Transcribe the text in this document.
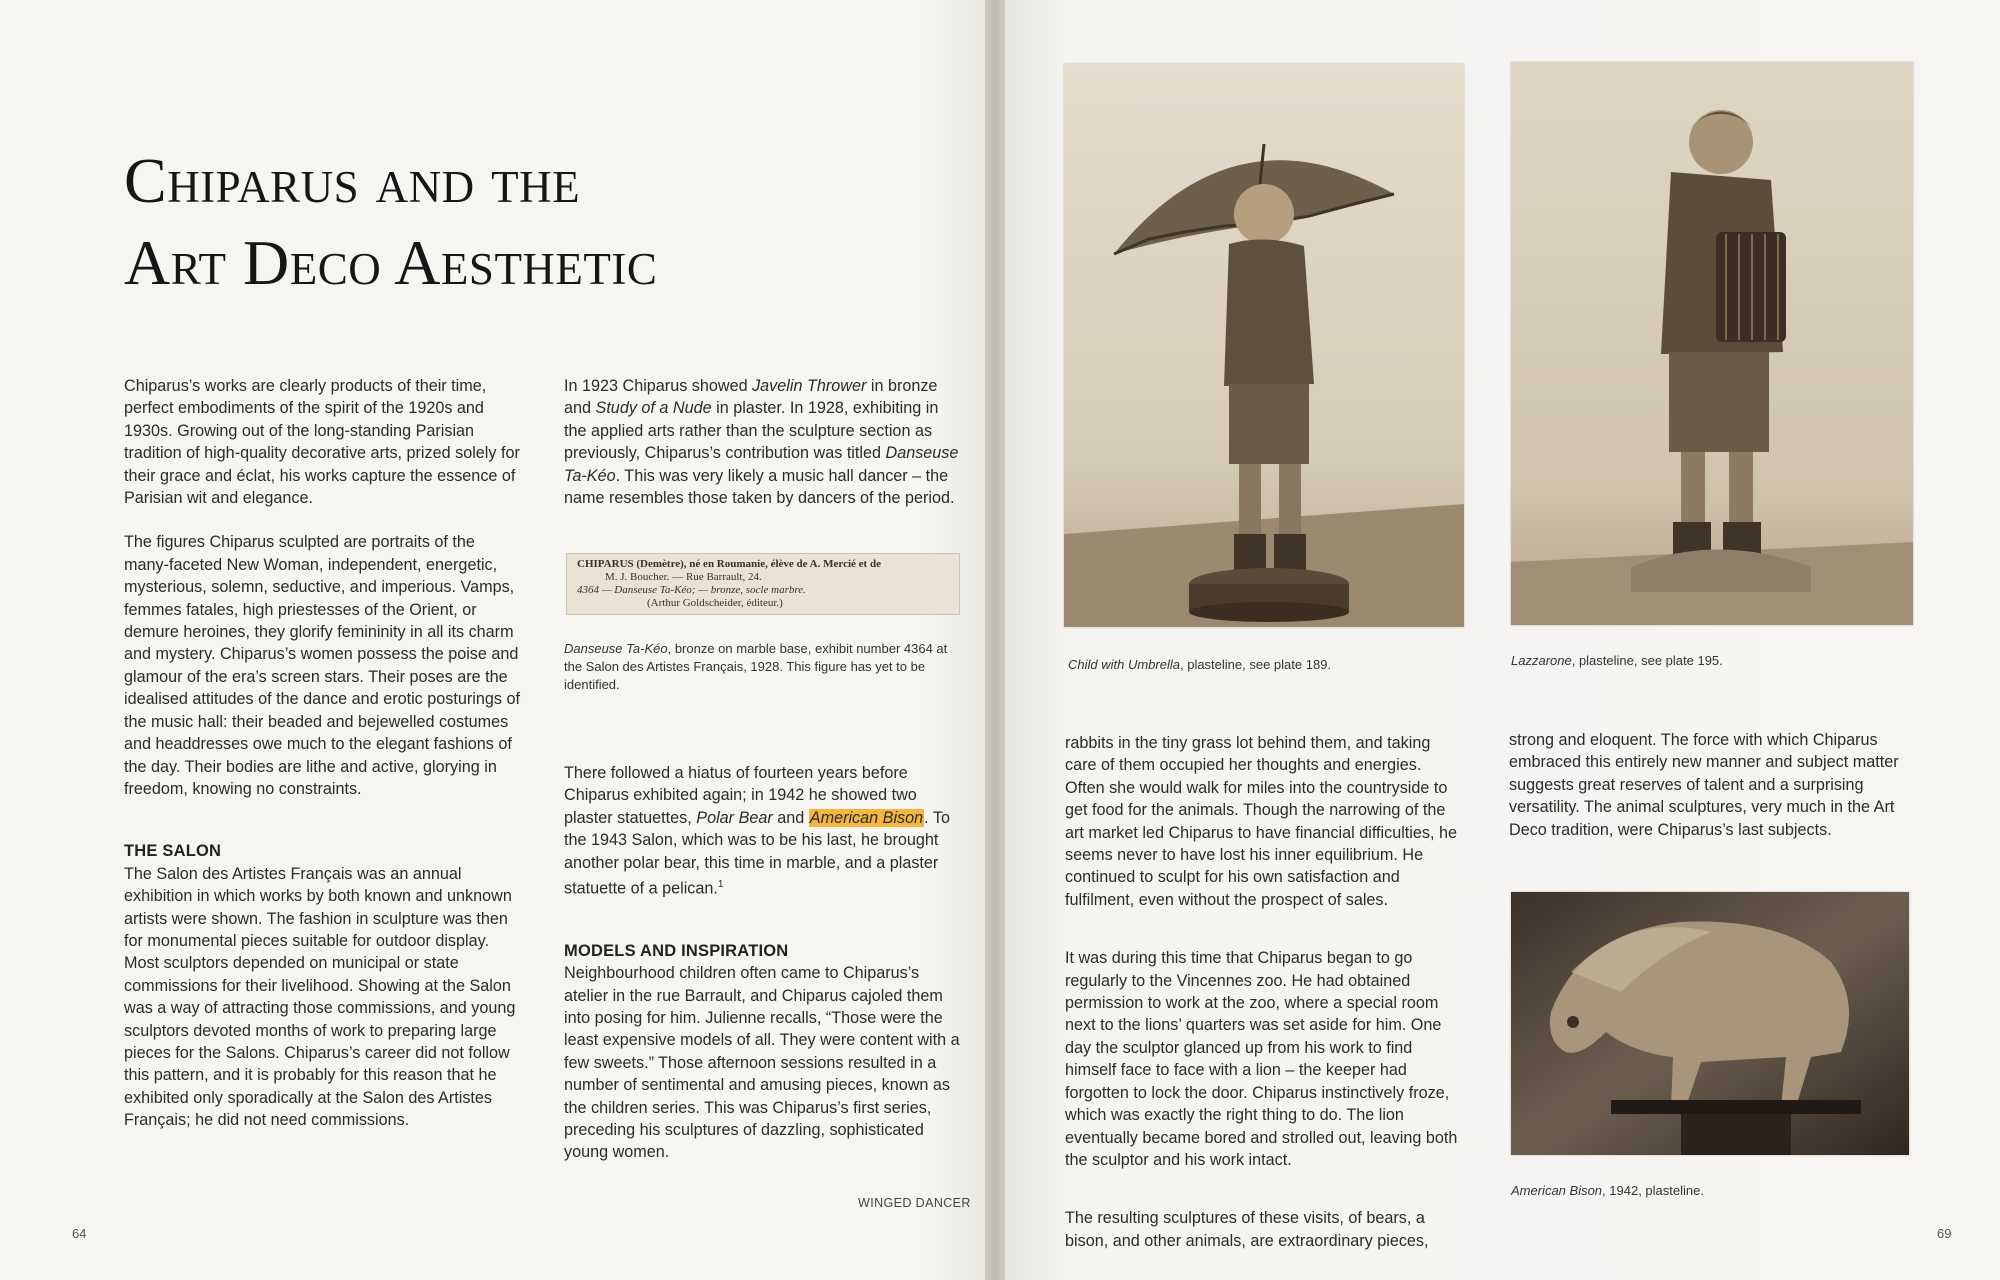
Chiparus and the
Art Deco Aesthetic

Chiparus’s works are clearly products of their time, perfect embodiments of the spirit of the 1920s and 1930s. Growing out of the long-standing Parisian tradition of high-quality decorative arts, prized solely for their grace and éclat, his works capture the essence of Parisian wit and elegance.

The figures Chiparus sculpted are portraits of the many-faceted New Woman, independent, energetic, mysterious, solemn, seductive, and imperious. Vamps, femmes fatales, high priestesses of the Orient, or demure heroines, they glorify femininity in all its charm and mystery. Chiparus’s women possess the poise and glamour of the era’s screen stars. Their poses are the idealised attitudes of the dance and erotic posturings of the music hall: their beaded and bejewelled costumes and headdresses owe much to the elegant fashions of the day. Their bodies are lithe and active, glorying in freedom, knowing no constraints.

THE SALON

The Salon des Artistes Français was an annual exhibition in which works by both known and unknown artists were shown. The fashion in sculpture was then for monumental pieces suitable for outdoor display. Most sculptors depended on municipal or state commissions for their livelihood. Showing at the Salon was a way of attracting those commissions, and young sculptors devoted months of work to preparing large pieces for the Salons. Chiparus’s career did not follow this pattern, and it is probably for this reason that he exhibited only sporadically at the Salon des Artistes Français; he did not need commissions.

In 1923 Chiparus showed Javelin Thrower in bronze and Study of a Nude in plaster. In 1928, exhibiting in the applied arts rather than the sculpture section as previously, Chiparus’s contribution was titled Danseuse Ta-Kéo. This was very likely a music hall dancer – the name resembles those taken by dancers of the period.

CHIPARUS (Demètre), né en Roumanie, élève de A. Mercié et de
M. J. Boucher. — Rue Barrault, 24.
4364 — Danseuse Ta-Kéo; — bronze, socle marbre.
(Arthur Goldscheider, éditeur.)
Danseuse Ta-Kéo, bronze on marble base, exhibit number 4364 at the Salon des Artistes Français, 1928. This figure has yet to be identified.

There followed a hiatus of fourteen years before Chiparus exhibited again; in 1942 he showed two plaster statuettes, Polar Bear and American Bison. To the 1943 Salon, which was to be his last, he brought another polar bear, this time in marble, and a plaster statuette of a pelican.$^1$

MODELS AND INSPIRATION

Neighbourhood children often came to Chiparus’s atelier in the rue Barrault, and Chiparus cajoled them into posing for him. Julienne recalls, “Those were the least expensive models of all. They were content with a few sweets.” Those afternoon sessions resulted in a number of sentimental and amusing pieces, known as the children series. This was Chiparus’s first series, preceding his sculptures of dazzling, sophisticated young women.

WINGED DANCER
64
Child with Umbrella, plasteline, see plate 189.	Lazzarone, plasteline, see plate 195.

rabbits in the tiny grass lot behind them, and taking care of them occupied her thoughts and energies. Often she would walk for miles into the countryside to get food for the animals. Though the narrowing of the art market led Chiparus to have financial difficulties, he seems never to have lost his inner equilibrium. He continued to sculpt for his own satisfaction and fulfilment, even without the prospect of sales.

It was during this time that Chiparus began to go regularly to the Vincennes zoo. He had obtained permission to work at the zoo, where a special room next to the lions’ quarters was set aside for him. One day the sculptor glanced up from his work to find himself face to face with a lion – the keeper had forgotten to lock the door. Chiparus instinctively froze, which was exactly the right thing to do. The lion eventually became bored and strolled out, leaving both the sculptor and his work intact.

The resulting sculptures of these visits, of bears, a bison, and other animals, are extraordinary pieces,

strong and eloquent. The force with which Chiparus embraced this entirely new manner and subject matter suggests great reserves of talent and a surprising versatility. The animal sculptures, very much in the Art Deco tradition, were Chiparus’s last subjects.

American Bison, 1942, plasteline.
69
